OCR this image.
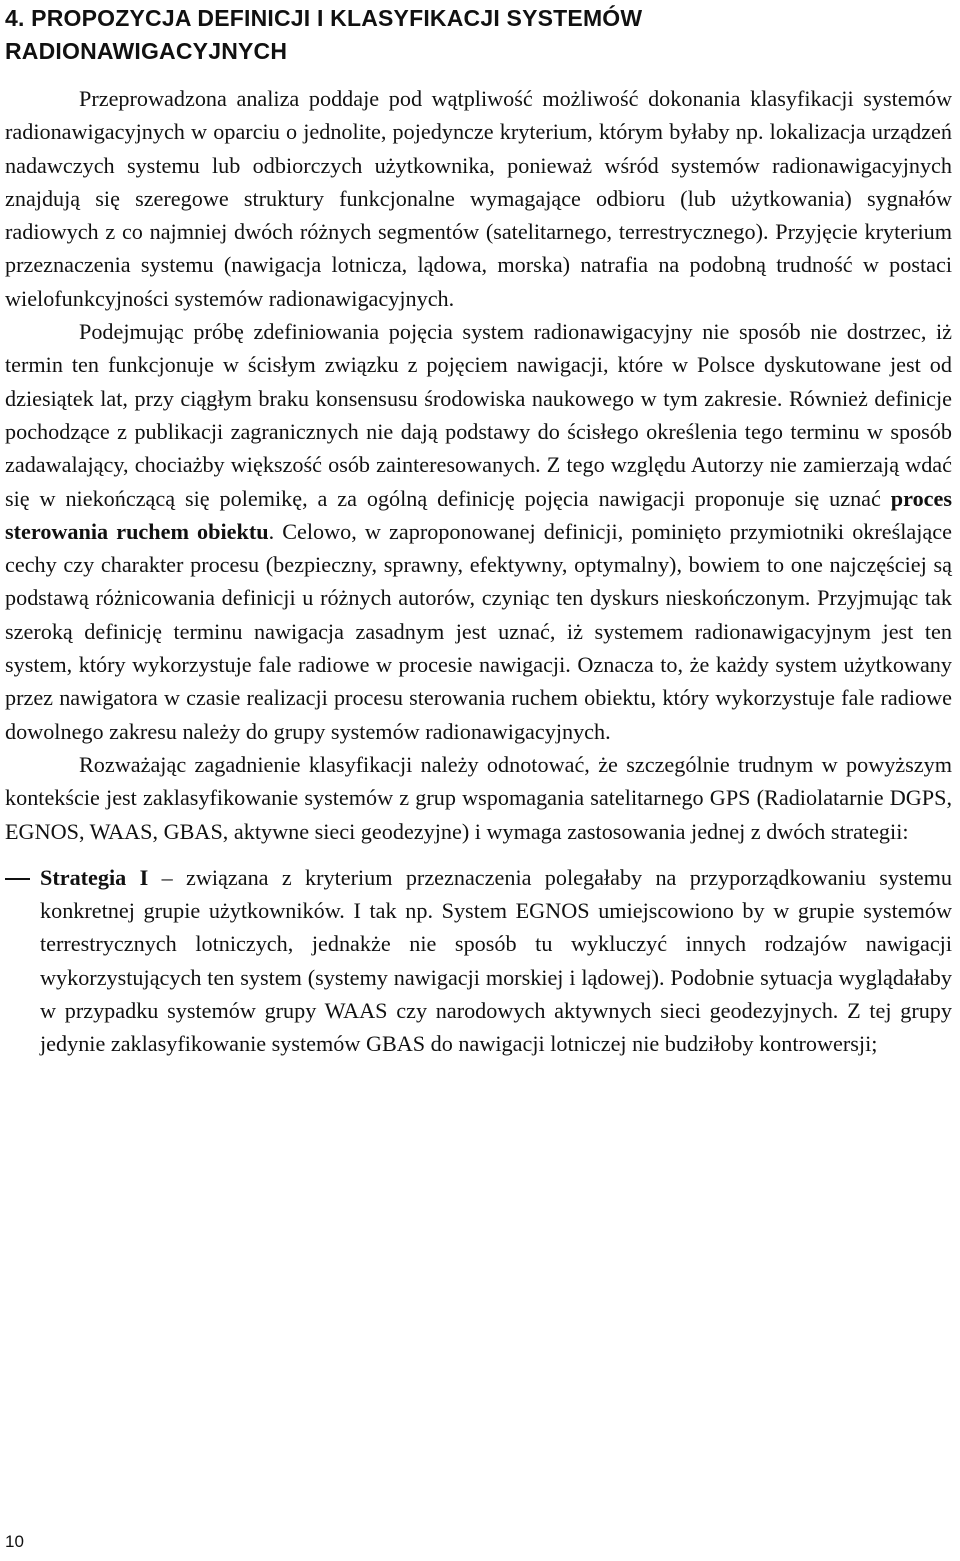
4. PROPOZYCJA DEFINICJI I KLASYFIKACJI SYSTEMÓW
RADIONAWIGACYJNYCH

Przeprowadzona analiza poddaje pod wątpliwość możliwość dokonania klasyfikacji systemów radionawigacyjnych w oparciu o jednolite, pojedyncze kryterium, którym byłaby np. lokalizacja urządzeń nadawczych systemu lub odbiorczych użytkownika, ponieważ wśród systemów radionawigacyjnych znajdują się szeregowe struktury funkcjonalne wymagające odbioru (lub użytkowania) sygnałów radiowych z co najmniej dwóch różnych segmentów (satelitarnego, terrestrycznego). Przyjęcie kryterium przeznaczenia systemu (nawigacja lotnicza, lądowa, morska) natrafia na podobną trudność w postaci wielofunkcyjności systemów radionawigacyjnych.

Podejmując próbę zdefiniowania pojęcia system radionawigacyjny nie sposób nie dostrzec, iż termin ten funkcjonuje w ścisłym związku z pojęciem nawigacji, które w Polsce dyskutowane jest od dziesiątek lat, przy ciągłym braku konsensusu środowiska naukowego w tym zakresie. Również definicje pochodzące z publikacji zagranicznych nie dają podstawy do ścisłego określenia tego terminu w sposób zadawalający, chociażby większość osób zainteresowanych. Z tego względu Autorzy nie zamierzają wdać się w niekończącą się polemikę, a za ogólną definicję pojęcia nawigacji proponuje się uznać proces sterowania ruchem obiektu. Celowo, w zaproponowanej definicji, pominięto przymiotniki określające cechy czy charakter procesu (bezpieczny, sprawny, efektywny, optymalny), bowiem to one najczęściej są podstawą różnicowania definicji u różnych autorów, czyniąc ten dyskurs nieskończonym. Przyjmując tak szeroką definicję terminu nawigacja zasadnym jest uznać, iż systemem radionawigacyjnym jest ten system, który wykorzystuje fale radiowe w procesie nawigacji. Oznacza to, że każdy system użytkowany przez nawigatora w czasie realizacji procesu sterowania ruchem obiektu, który wykorzystuje fale radiowe dowolnego zakresu należy do grupy systemów radionawigacyjnych.

Rozważając zagadnienie klasyfikacji należy odnotować, że szczególnie trudnym w powyższym kontekście jest zaklasyfikowanie systemów z grup wspomagania satelitarnego GPS (Radiolatarnie DGPS, EGNOS, WAAS, GBAS, aktywne sieci geodezyjne) i wymaga zastosowania jednej z dwóch strategii:

Strategia I – związana z kryterium przeznaczenia polegałaby na przyporządkowaniu systemu konkretnej grupie użytkowników. I tak np. System EGNOS umiejscowiono by w grupie systemów terrestrycznych lotniczych, jednakże nie sposób tu wykluczyć innych rodzajów nawigacji wykorzystujących ten system (systemy nawigacji morskiej i lądowej). Podobnie sytuacja wyglądałaby w przypadku systemów grupy WAAS czy narodowych aktywnych sieci geodezyjnych. Z tej grupy jedynie zaklasyfikowanie systemów GBAS do nawigacji lotniczej nie budziłoby kontrowersji;
10
